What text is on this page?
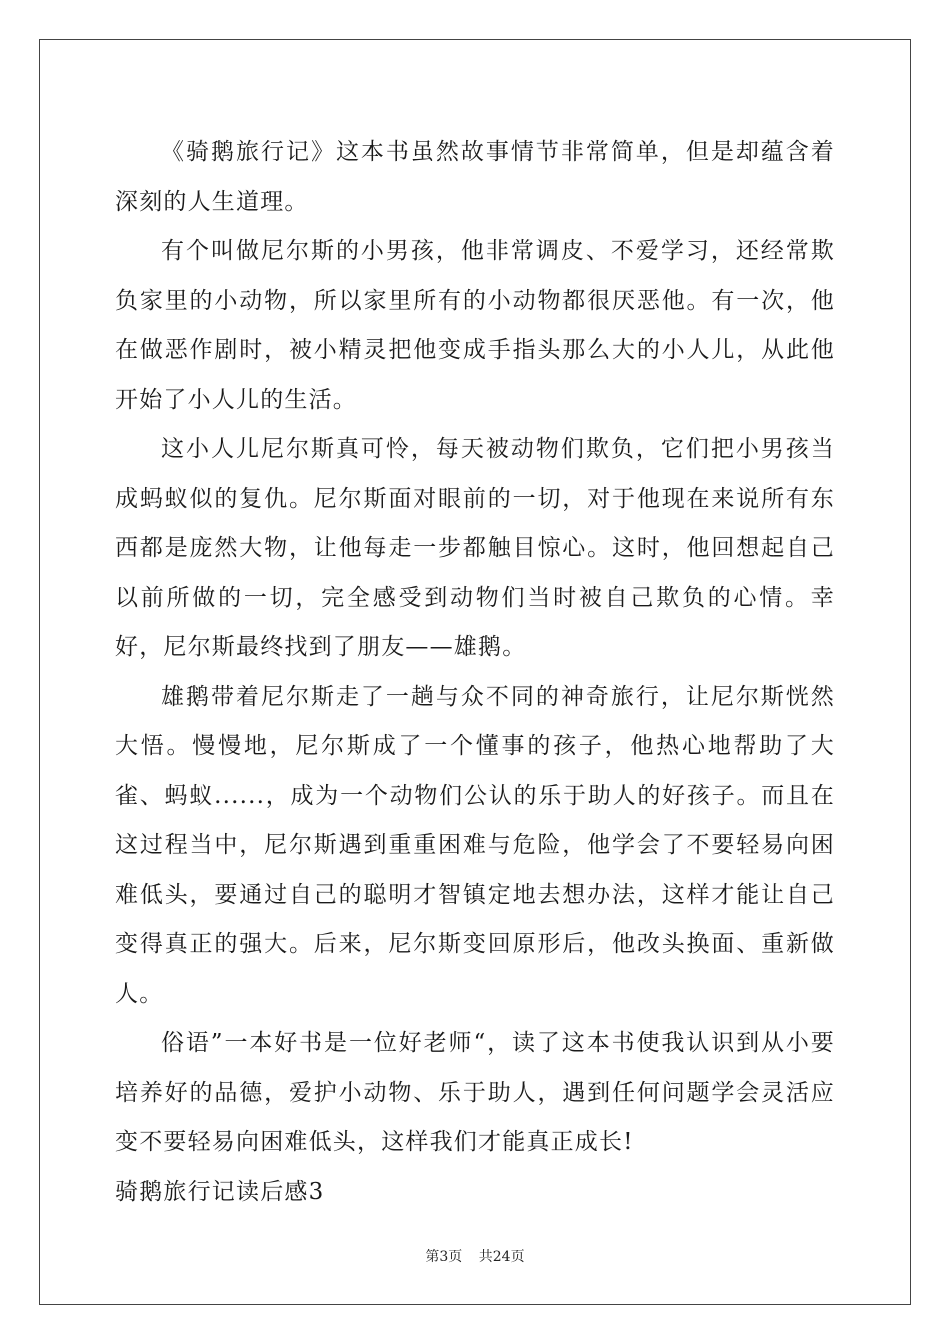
《骑鹅旅行记》这本书虽然故事情节非常简单，但是却蕴含着深刻的人生道理。

有个叫做尼尔斯的小男孩，他非常调皮、不爱学习，还经常欺负家里的小动物，所以家里所有的小动物都很厌恶他。有一次，他在做恶作剧时，被小精灵把他变成手指头那么大的小人儿，从此他开始了小人儿的生活。

这小人儿尼尔斯真可怜，每天被动物们欺负，它们把小男孩当成蚂蚁似的复仇。尼尔斯面对眼前的一切，对于他现在来说所有东西都是庞然大物，让他每走一步都触目惊心。这时，他回想起自己以前所做的一切，完全感受到动物们当时被自己欺负的心情。幸好，尼尔斯最终找到了朋友——雄鹅。

雄鹅带着尼尔斯走了一趟与众不同的神奇旅行，让尼尔斯恍然大悟。慢慢地，尼尔斯成了一个懂事的孩子，他热心地帮助了大雀、蚂蚁......，成为一个动物们公认的乐于助人的好孩子。而且在这过程当中，尼尔斯遇到重重困难与危险，他学会了不要轻易向困难低头，要通过自己的聪明才智镇定地去想办法，这样才能让自己变得真正的强大。后来，尼尔斯变回原形后，他改头换面、重新做人。

俗语”一本好书是一位好老师“，读了这本书使我认识到从小要培养好的品德，爱护小动物、乐于助人，遇到任何问题学会灵活应变不要轻易向困难低头，这样我们才能真正成长!

骑鹅旅行记读后感3

第3页 共24页
